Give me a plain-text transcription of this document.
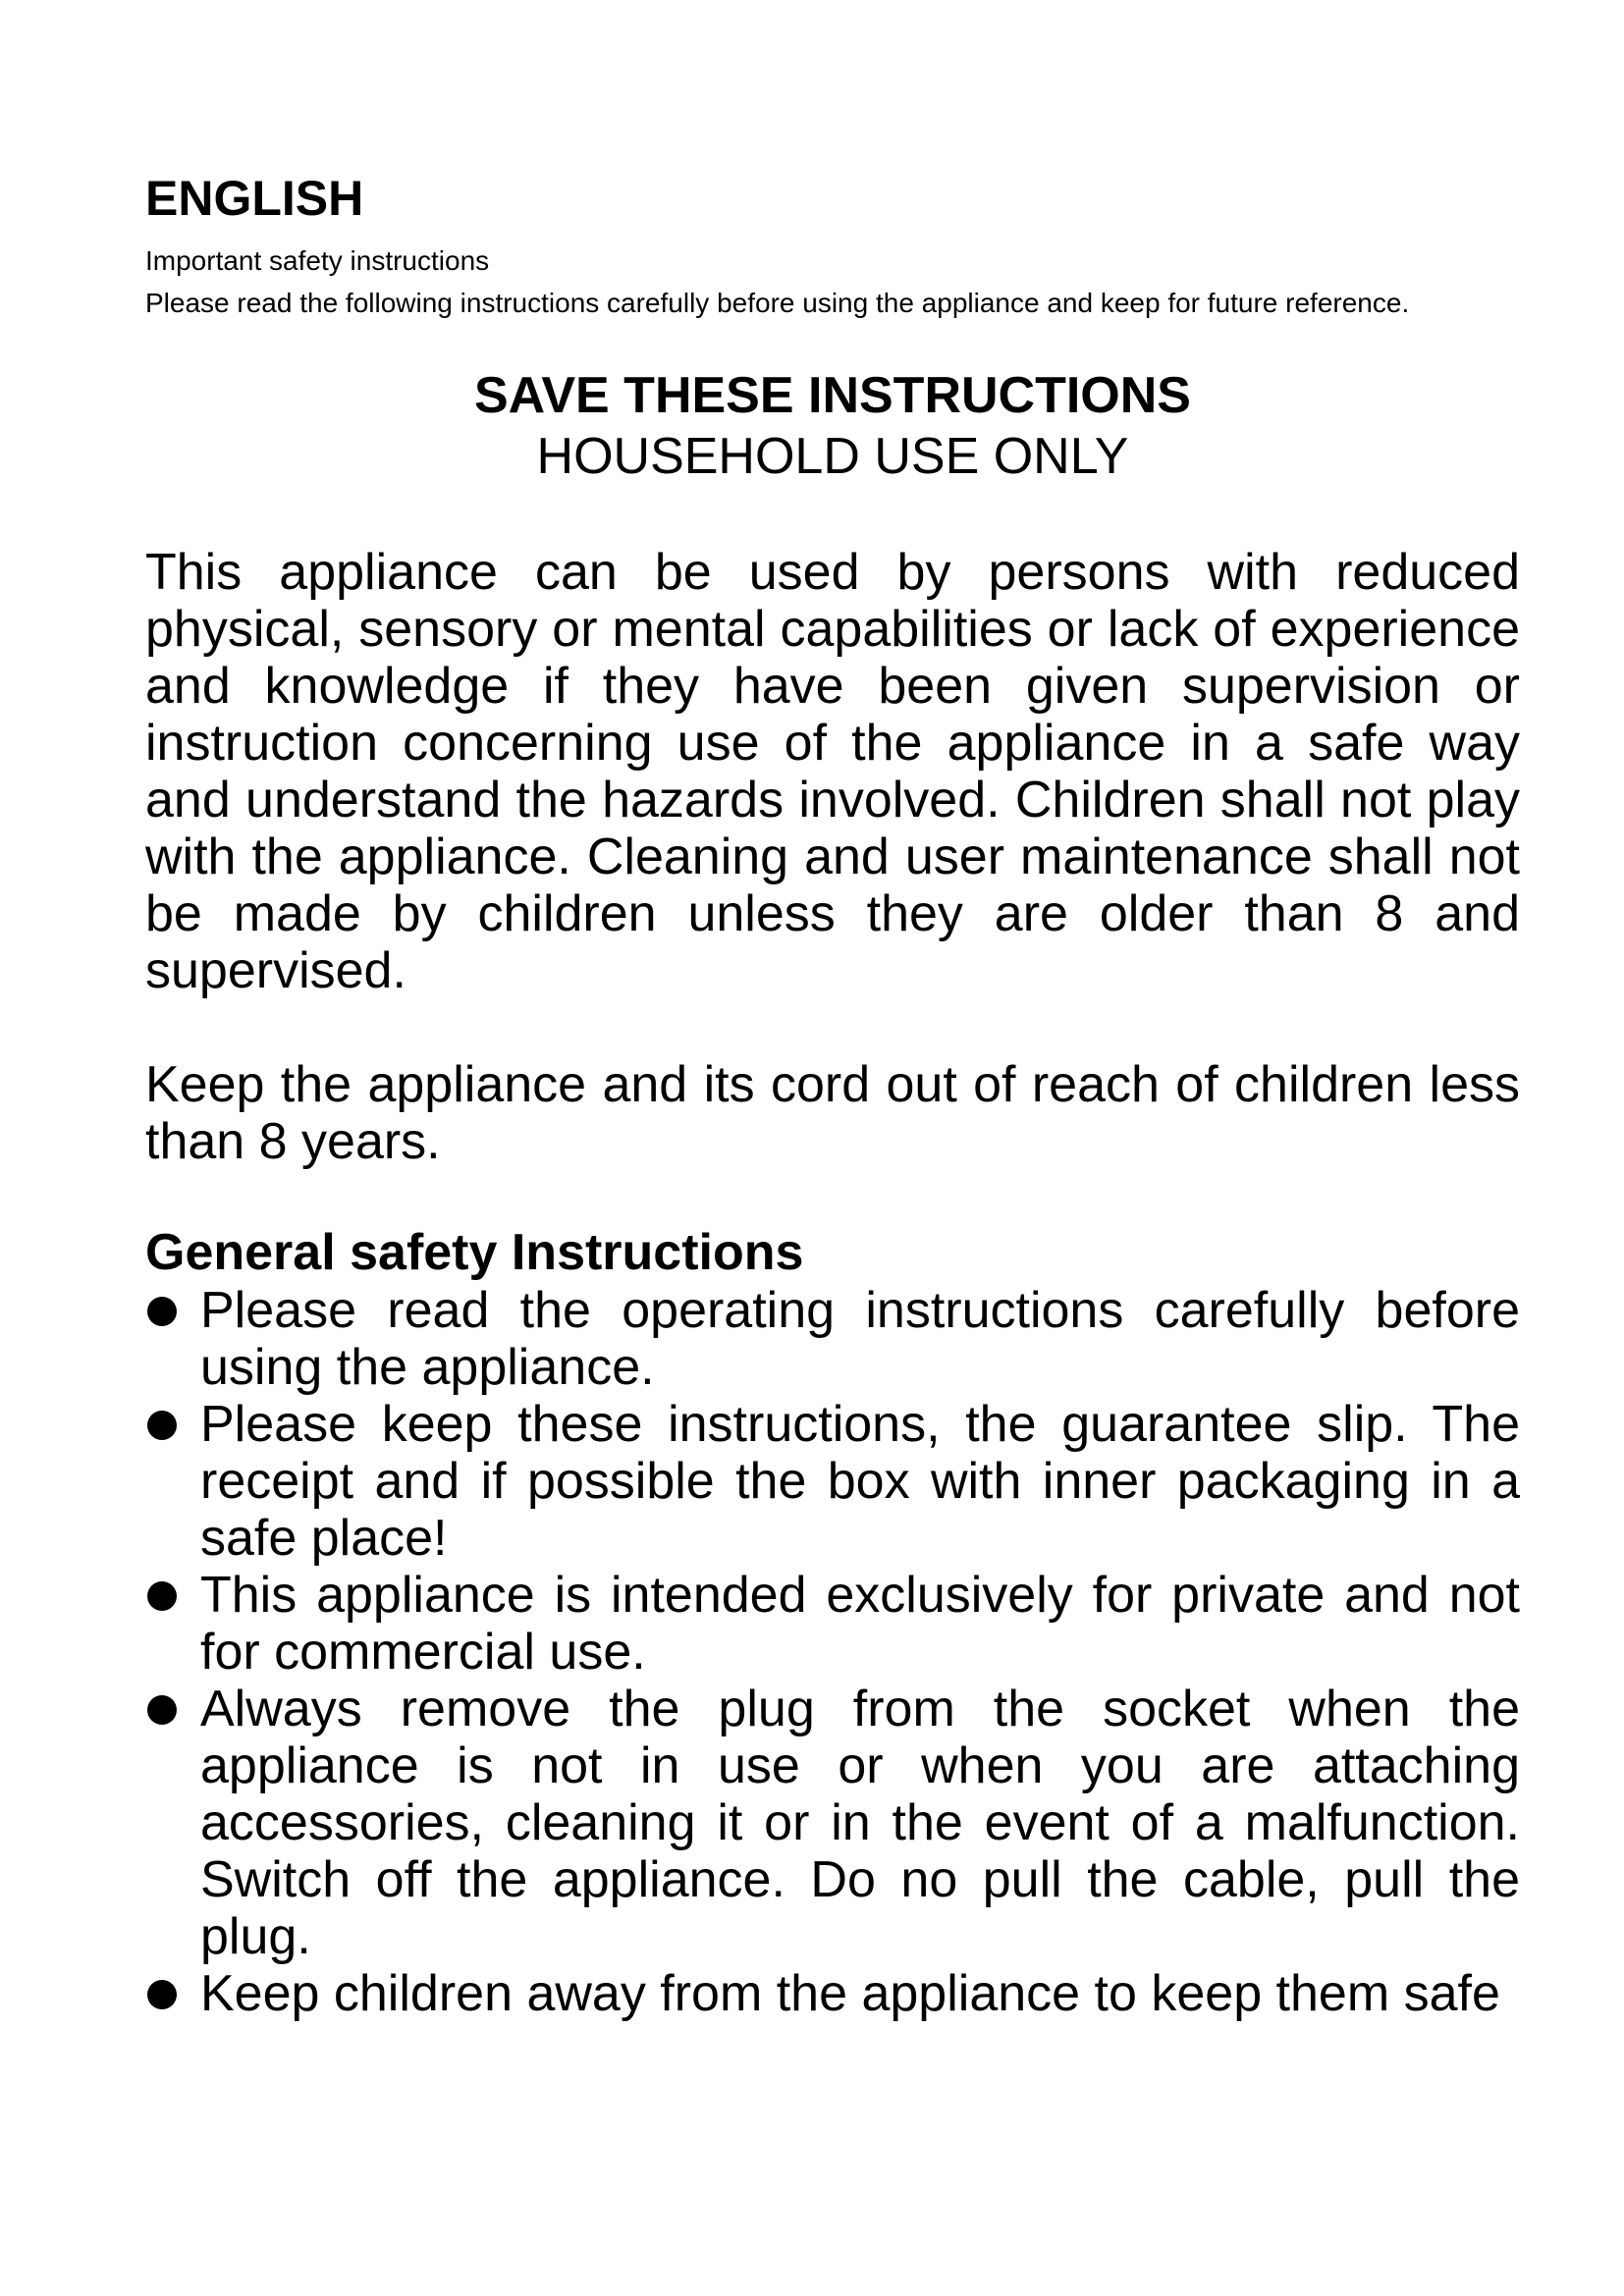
ENGLISH

Important safety instructions

Please read the following instructions carefully before using the appliance and keep for future reference.

SAVE THESE INSTRUCTIONS

HOUSEHOLD USE ONLY

This appliance can be used by persons with reduced physical, sensory or mental capabilities or lack of experience and knowledge if they have been given supervision or instruction concerning use of the appliance in a safe way and understand the hazards involved. Children shall not play with the appliance. Cleaning and user maintenance shall not be made by children unless they are older than 8 and supervised.

Keep the appliance and its cord out of reach of children less than 8 years.

General safety Instructions
Please read the operating instructions carefully before using the appliance.
Please keep these instructions, the guarantee slip. The receipt and if possible the box with inner packaging in a safe place!
This appliance is intended exclusively for private and not for commercial use.
Always remove the plug from the socket when the appliance is not in use or when you are attaching accessories, cleaning it or in the event of a malfunction. Switch off the appliance. Do no pull the cable, pull the plug.
Keep children away from the appliance to keep them safe
